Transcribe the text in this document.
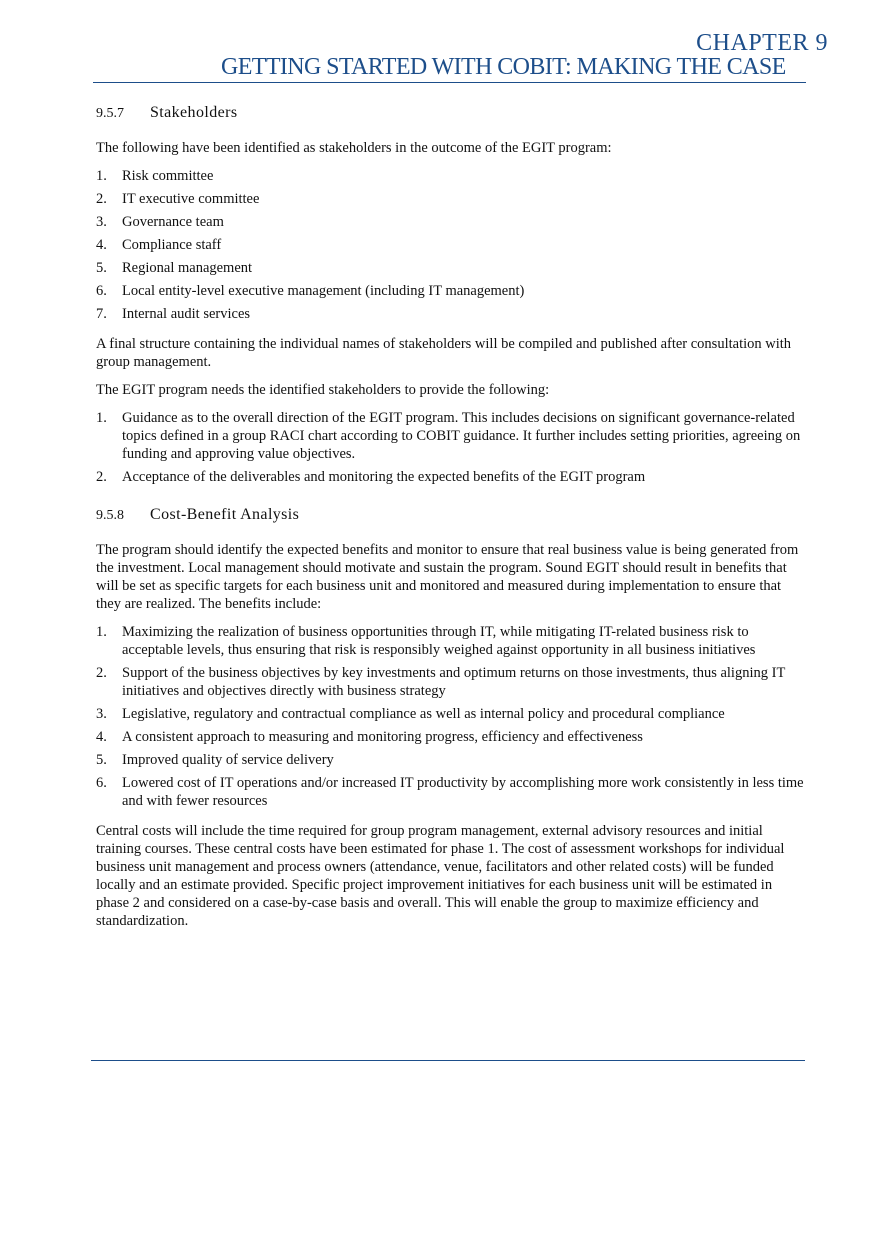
CHAPTER 9
GETTING STARTED WITH COBIT: MAKING THE CASE
9.5.7	Stakeholders

The following have been identified as stakeholders in the outcome of the EGIT program:

1.	Risk committee
2.	IT executive committee
3.	Governance team
4.	Compliance staff
5.	Regional management
6.	Local entity-level executive management (including IT management)
7.	Internal audit services

A final structure containing the individual names of stakeholders will be compiled and published after consultation with group management.

The EGIT program needs the identified stakeholders to provide the following:

1.	Guidance as to the overall direction of the EGIT program. This includes decisions on significant governance-related topics defined in a group RACI chart according to COBIT guidance. It further includes setting priorities, agreeing on funding and approving value objectives.
2.	Acceptance of the deliverables and monitoring the expected benefits of the EGIT program
9.5.8	Cost-Benefit Analysis

The program should identify the expected benefits and monitor to ensure that real business value is being generated from the investment. Local management should motivate and sustain the program. Sound EGIT should result in benefits that will be set as specific targets for each business unit and monitored and measured during implementation to ensure that they are realized. The benefits include:

1.	Maximizing the realization of business opportunities through IT, while mitigating IT-related business risk to acceptable levels, thus ensuring that risk is responsibly weighed against opportunity in all business initiatives
2.	Support of the business objectives by key investments and optimum returns on those investments, thus aligning IT initiatives and objectives directly with business strategy
3.	Legislative, regulatory and contractual compliance as well as internal policy and procedural compliance
4.	A consistent approach to measuring and monitoring progress, efficiency and effectiveness
5.	Improved quality of service delivery
6.	Lowered cost of IT operations and/or increased IT productivity by accomplishing more work consistently in less time and with fewer resources

Central costs will include the time required for group program management, external advisory resources and initial training courses. These central costs have been estimated for phase 1. The cost of assessment workshops for individual business unit management and process owners (attendance, venue, facilitators and other related costs) will be funded locally and an estimate provided. Specific project improvement initiatives for each business unit will be estimated in phase 2 and considered on a case-by-case basis and overall. This will enable the group to maximize efficiency and standardization.
